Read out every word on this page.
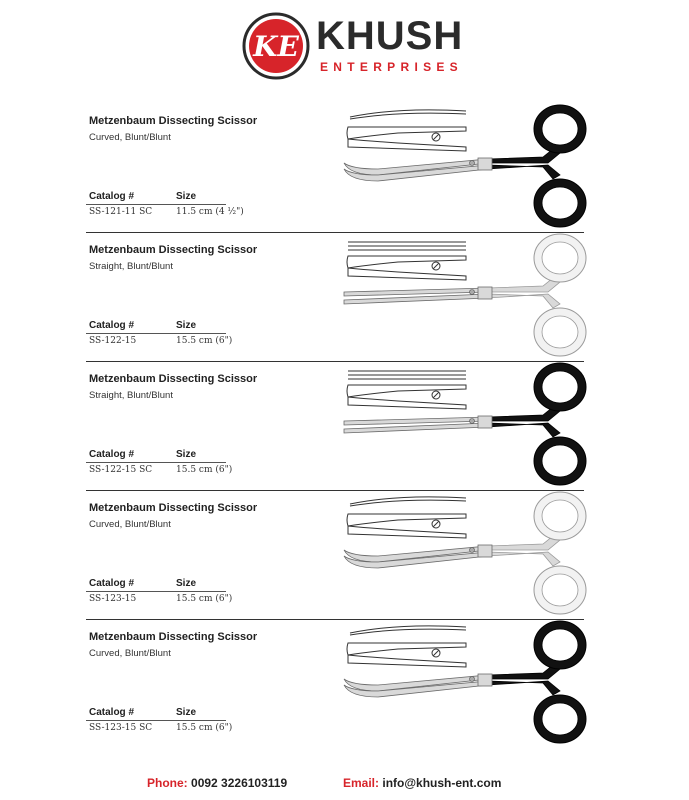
KE KHUSH
ENTERPRISES
Metzenbaum Dissecting Scissor
Curved, Blunt/Blunt
Catalog #	Size
SS-121-11 SC	11.5 cm (4 ½")
Metzenbaum Dissecting Scissor
Straight, Blunt/Blunt
Catalog #	Size
SS-122-15	15.5 cm (6")
Metzenbaum Dissecting Scissor
Straight, Blunt/Blunt
Catalog #	Size
SS-122-15 SC	15.5 cm (6")
Metzenbaum Dissecting Scissor
Curved, Blunt/Blunt
Catalog #	Size
SS-123-15	15.5 cm (6")
Metzenbaum Dissecting Scissor
Curved, Blunt/Blunt
Catalog #	Size
SS-123-15 SC	15.5 cm (6")
Phone: 0092 3226103119	Email: info@khush-ent.com
